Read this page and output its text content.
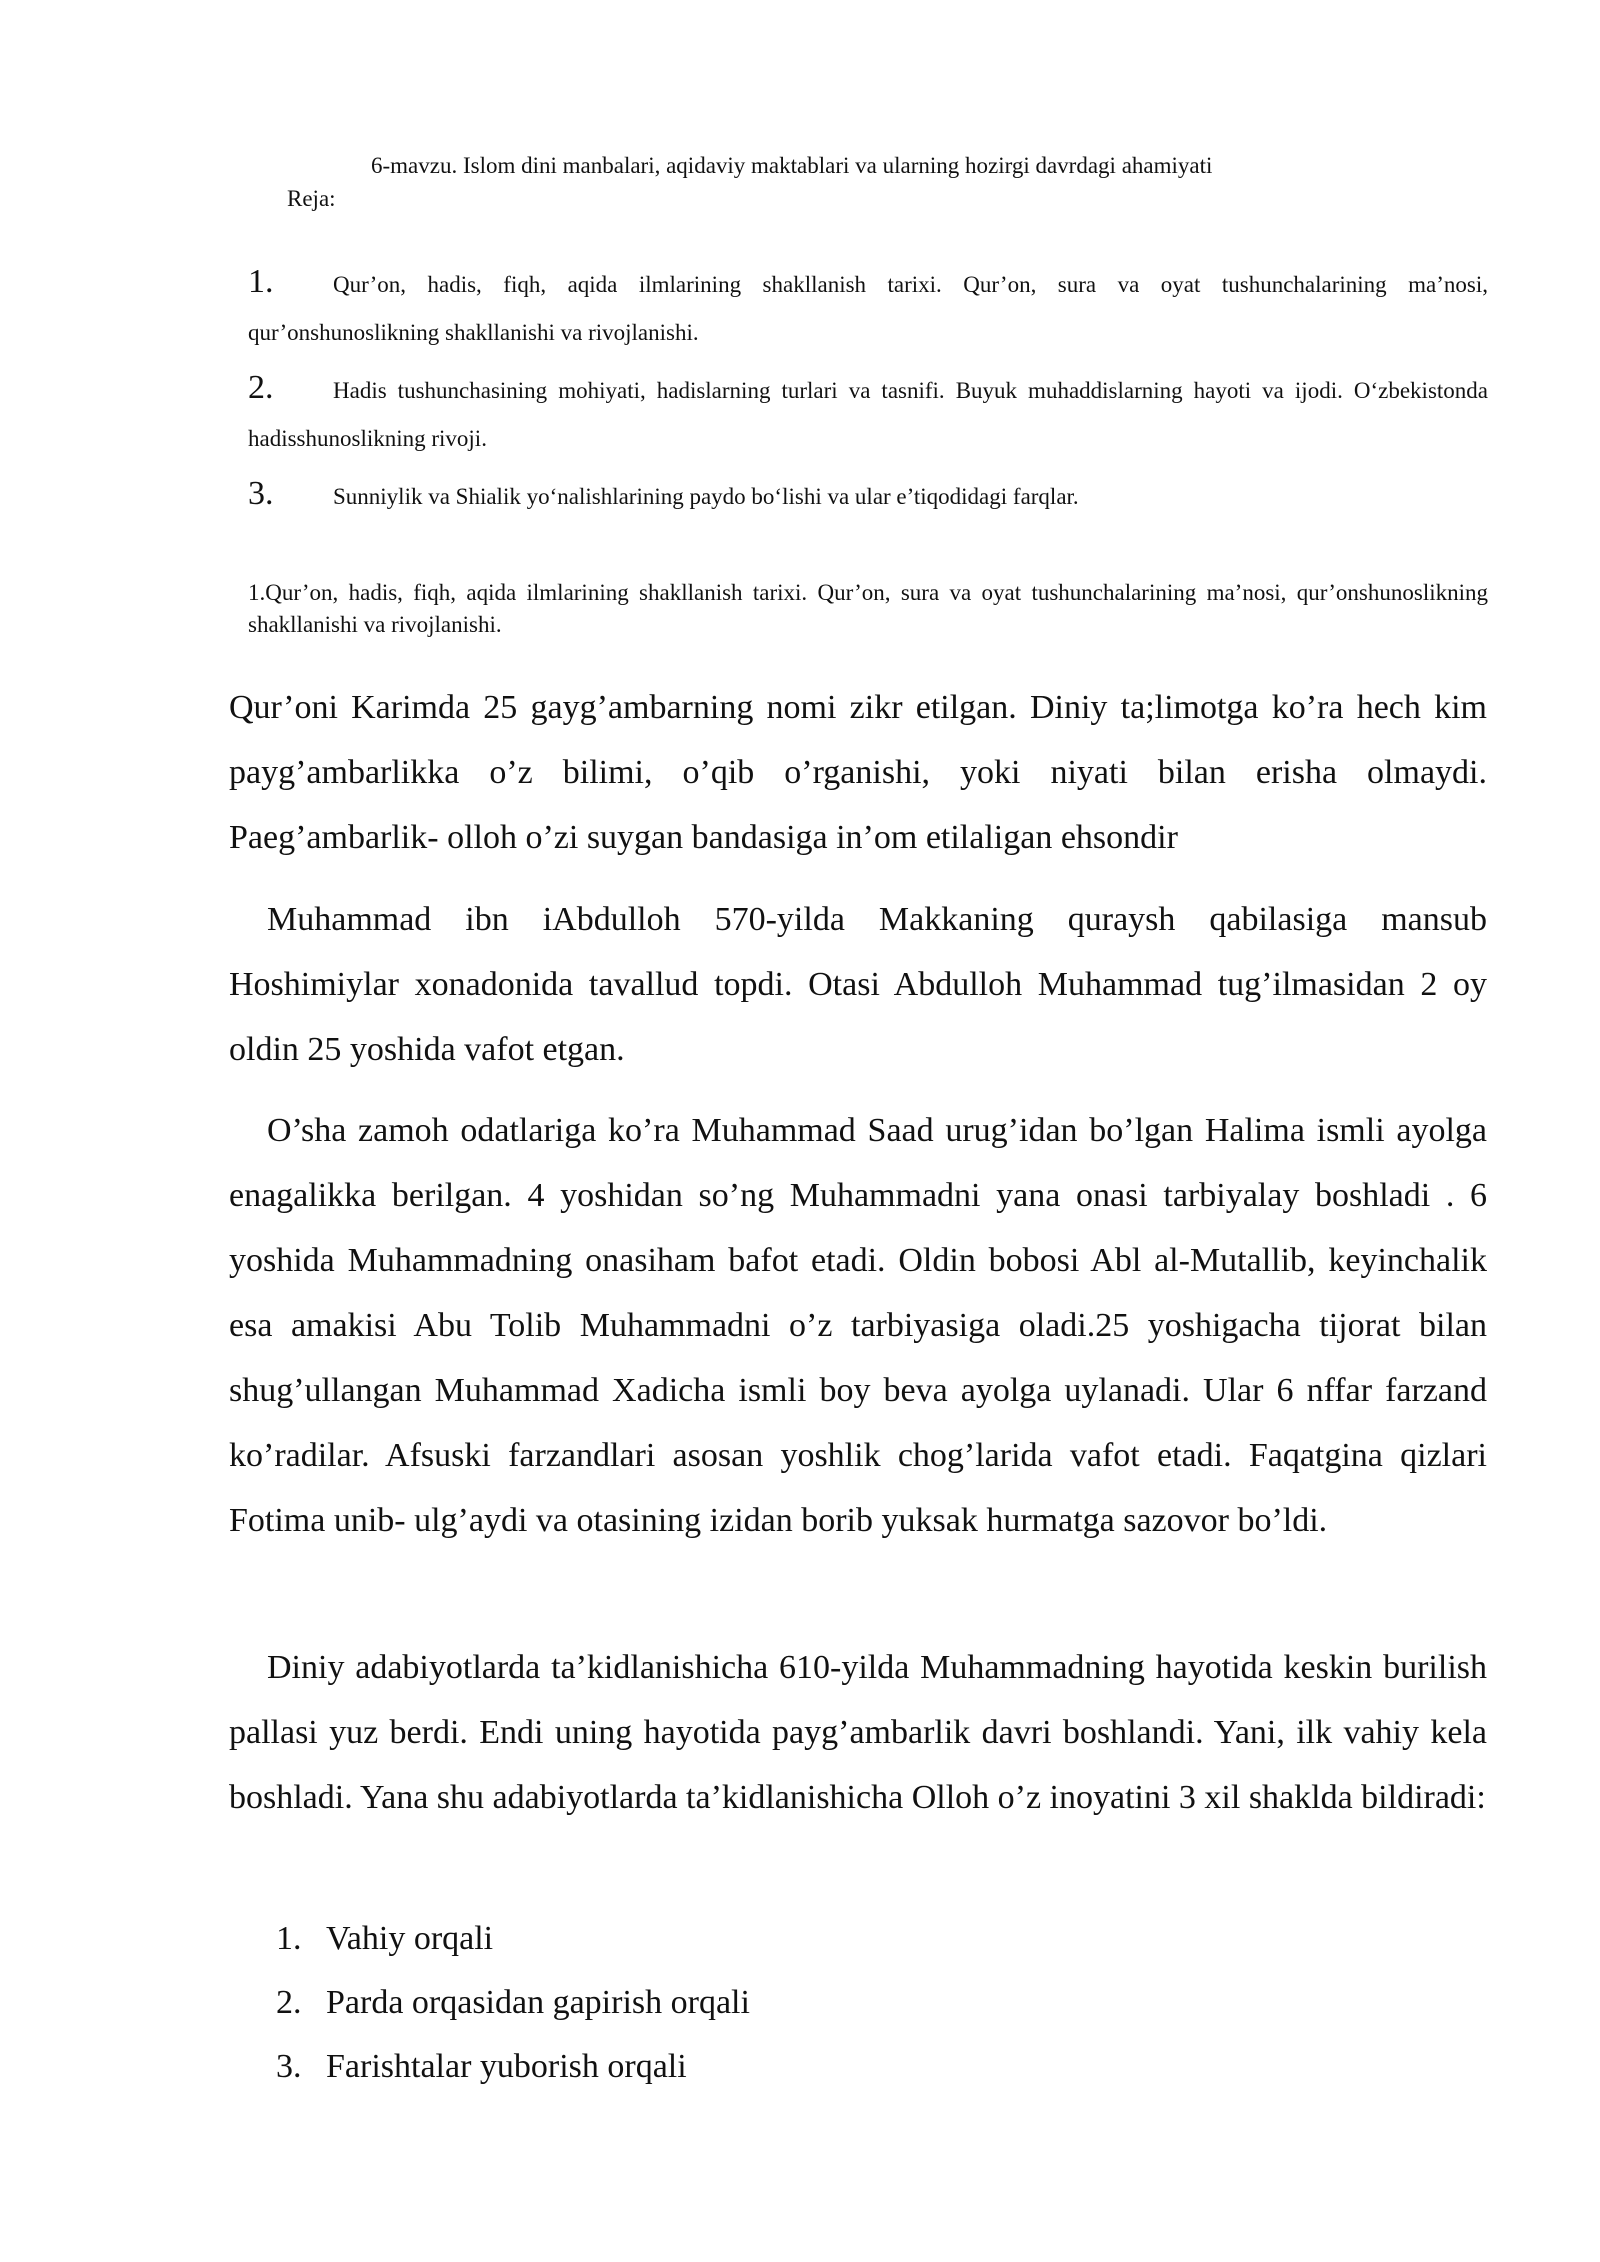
6-mavzu. Islom dini manbalari, aqidaviy maktablari va ularning hozirgi davrdagi ahamiyati
Reja:
1.	Qur’on, hadis, fiqh, aqida ilmlarining shakllanish tarixi. Qur’on, sura va oyat tushunchalarining ma’nosi, qur’onshunoslikning shakllanishi va rivojlanishi.
2.	Hadis tushunchasining mohiyati, hadislarning turlari va tasnifi. Buyuk muhaddislarning hayoti va ijodi. O‘zbekistonda hadisshunoslikning rivoji.
3.	Sunniylik va Shialik yo‘nalishlarining paydo bo‘lishi va ular e’tiqodidagi farqlar.
1.Qur’on, hadis, fiqh, aqida ilmlarining shakllanish tarixi. Qur’on, sura va oyat tushunchalarining ma’nosi, qur’onshunoslikning shakllanishi va rivojlanishi.
Qur’oni Karimda 25 gayg’ambarning nomi zikr etilgan. Diniy ta;limotga ko’ra hech kim payg’ambarlikka o’z bilimi, o’qib o’rganishi, yoki niyati bilan erisha olmaydi. Paeg’ambarlik- olloh o’zi suygan bandasiga in’om etilaligan ehsondir
Muhammad ibn iAbdulloh 570-yilda Makkaning quraysh qabilasiga mansub Hoshimiylar xonadonida tavallud topdi. Otasi Abdulloh Muhammad tug’ilmasidan 2 oy oldin 25 yoshida vafot etgan.
O’sha zamoh odatlariga ko’ra Muhammad Saad urug’idan bo’lgan Halima ismli ayolga enagalikka berilgan. 4 yoshidan so’ng Muhammadni yana onasi tarbiyalay boshladi . 6 yoshida Muhammadning onasiham bafot etadi. Oldin bobosi Abl al-Mutallib, keyinchalik esa amakisi Abu Tolib Muhammadni o’z tarbiyasiga oladi.25 yoshigacha tijorat bilan shug’ullangan Muhammad Xadicha ismli boy beva ayolga uylanadi. Ular 6 nffar farzand ko’radilar. Afsuski farzandlari asosan yoshlik chog’larida vafot etadi. Faqatgina qizlari Fotima unib- ulg’aydi va otasining izidan borib yuksak hurmatga sazovor bo’ldi.
Diniy adabiyotlarda ta’kidlanishicha 610-yilda Muhammadning hayotida keskin burilish pallasi yuz berdi. Endi uning hayotida payg’ambarlik davri boshlandi. Yani, ilk vahiy kela boshladi. Yana shu adabiyotlarda ta’kidlanishicha Olloh o’z inoyatini 3 xil shaklda bildiradi:
1. Vahiy orqali
2. Parda orqasidan gapirish orqali
3. Farishtalar yuborish orqali
